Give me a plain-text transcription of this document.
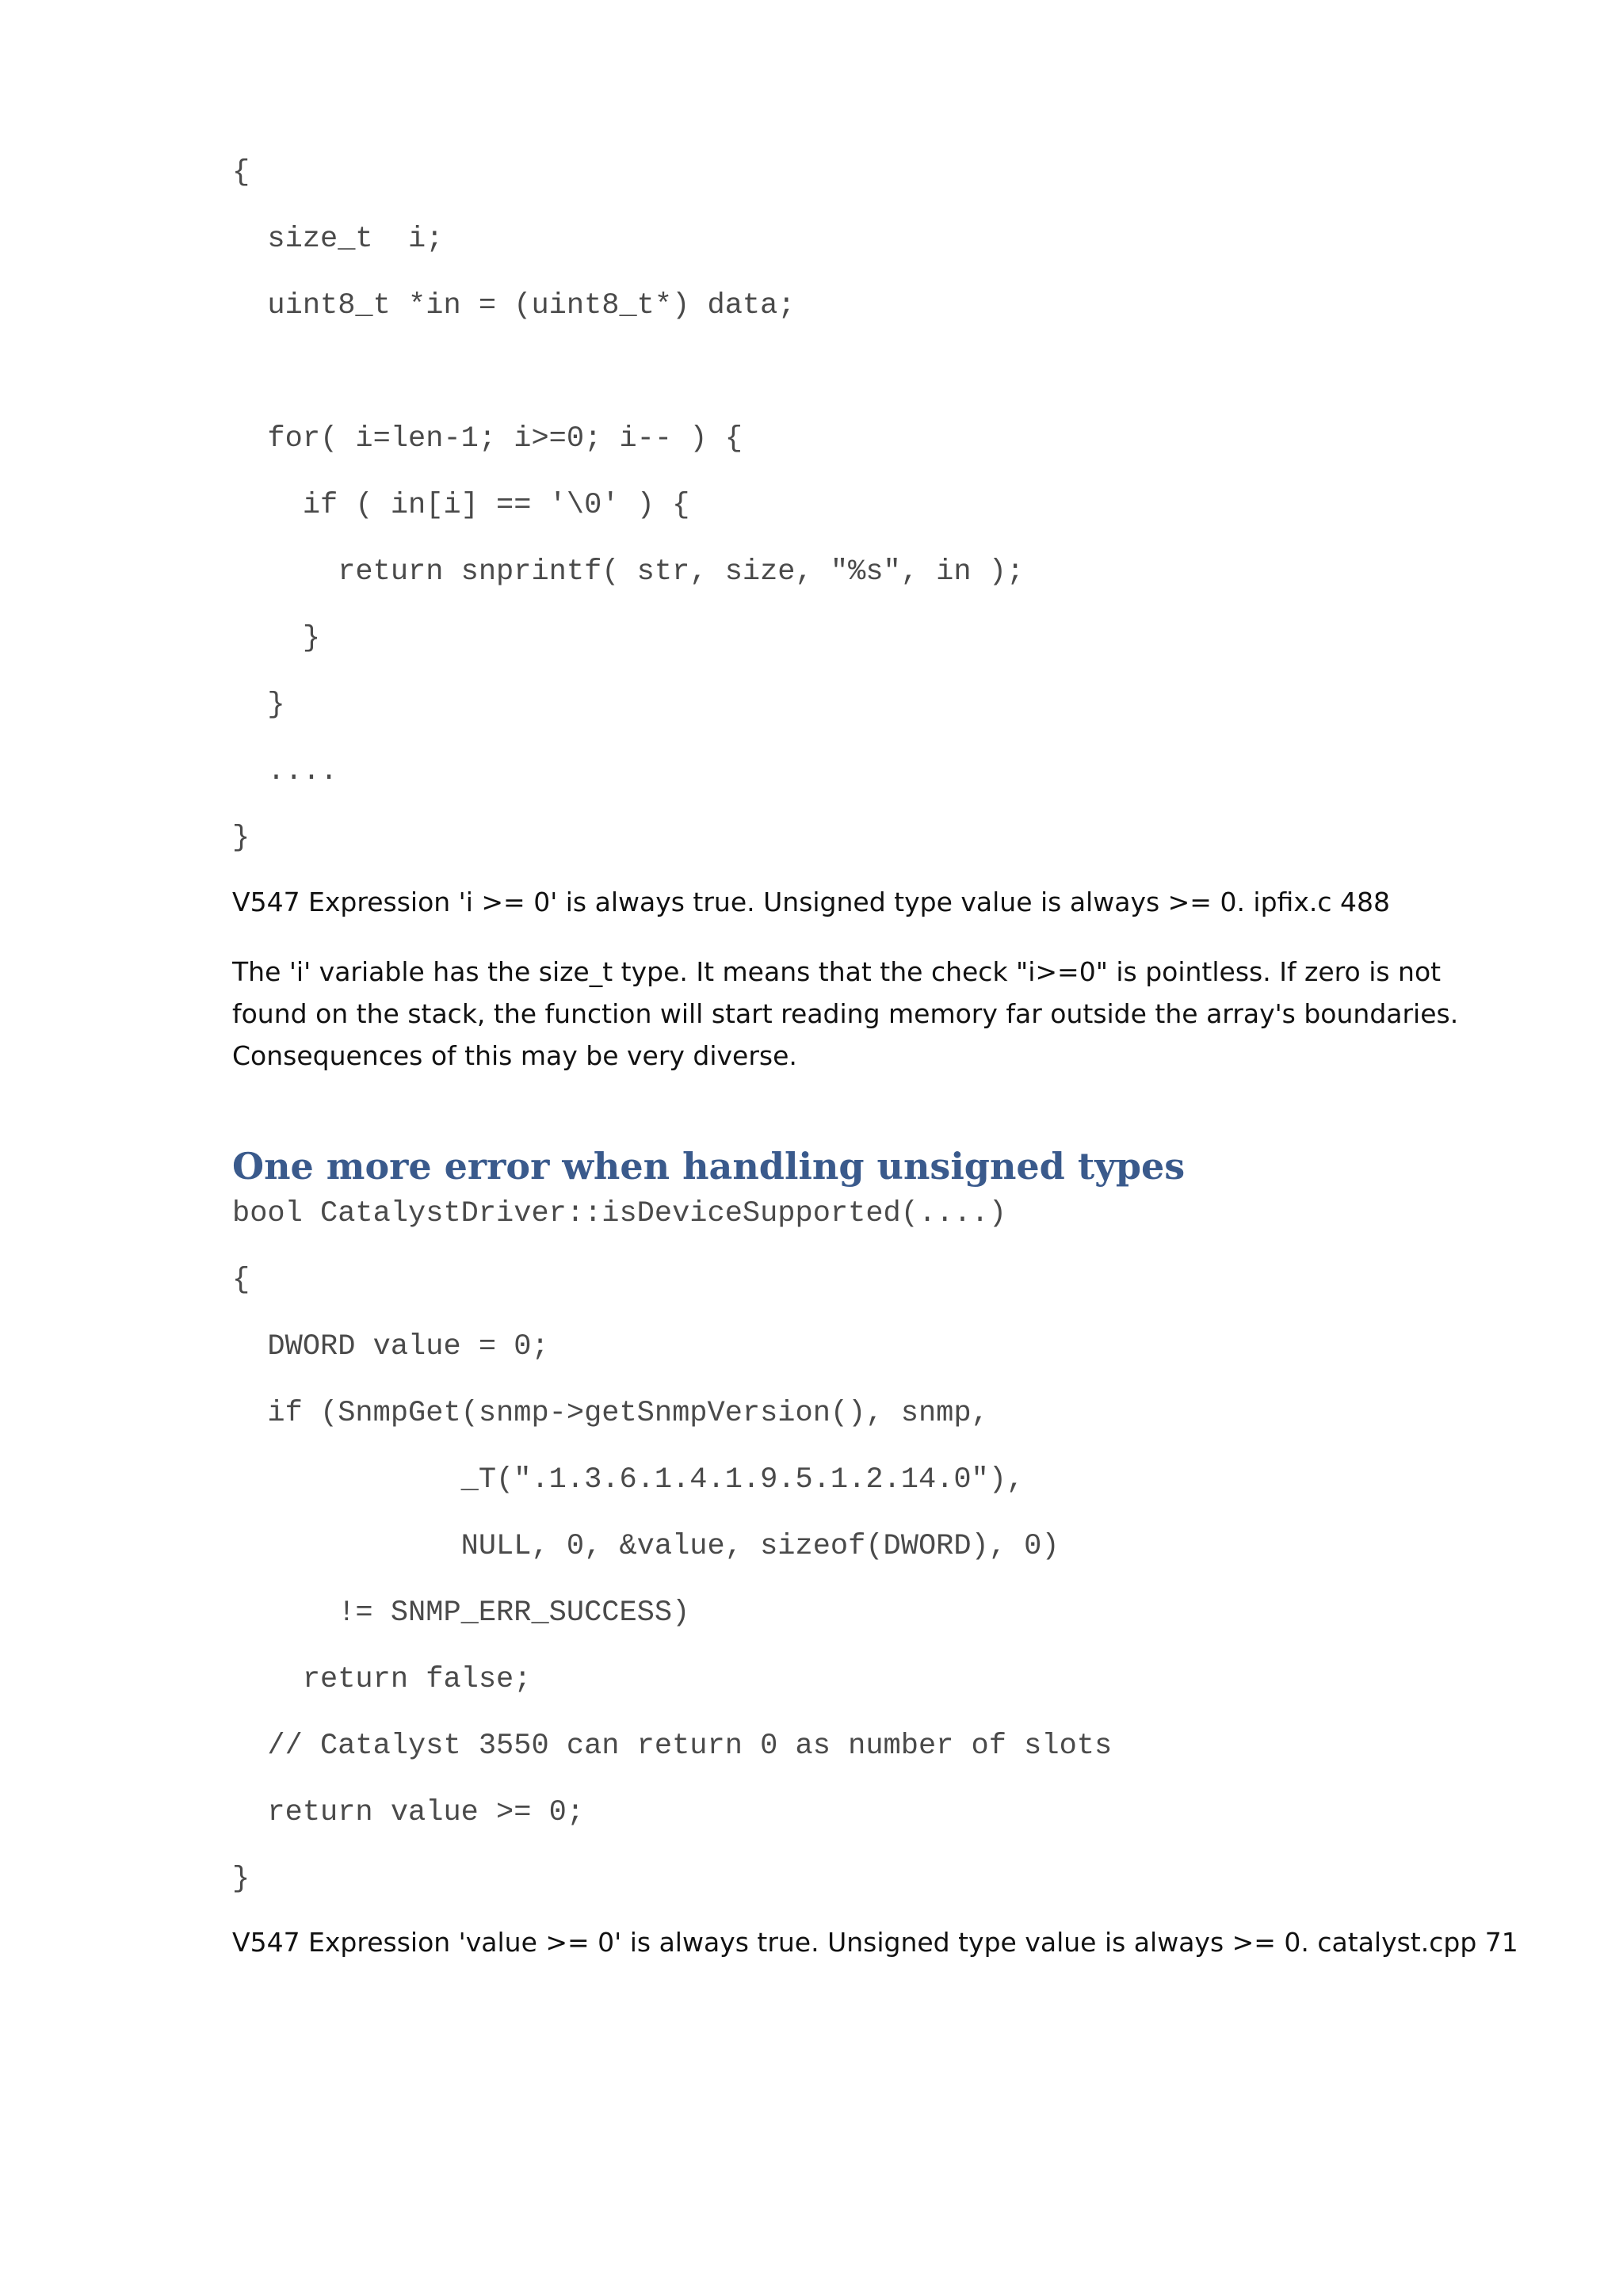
{
size_t  i;
uint8_t *in = (uint8_t*) data;
for( i=len-1; i>=0; i-- ) {
if ( in[i] == '\0' ) {
return snprintf( str, size, "%s", in );
}
}
....
}

V547 Expression 'i >= 0' is always true. Unsigned type value is always >= 0. ipfix.c 488

The 'i' variable has the size_t type. It means that the check "i>=0" is pointless. If zero is not found on the stack, the function will start reading memory far outside the array's boundaries. Consequences of this may be very diverse.

One more error when handling unsigned types
bool CatalystDriver::isDeviceSupported(....)
{
DWORD value = 0;
if (SnmpGet(snmp->getSnmpVersion(), snmp,
_T(".1.3.6.1.4.1.9.5.1.2.14.0"),
NULL, 0, &value, sizeof(DWORD), 0)
!= SNMP_ERR_SUCCESS)
return false;
// Catalyst 3550 can return 0 as number of slots
return value >= 0;
}

V547 Expression 'value >= 0' is always true. Unsigned type value is always >= 0. catalyst.cpp 71
